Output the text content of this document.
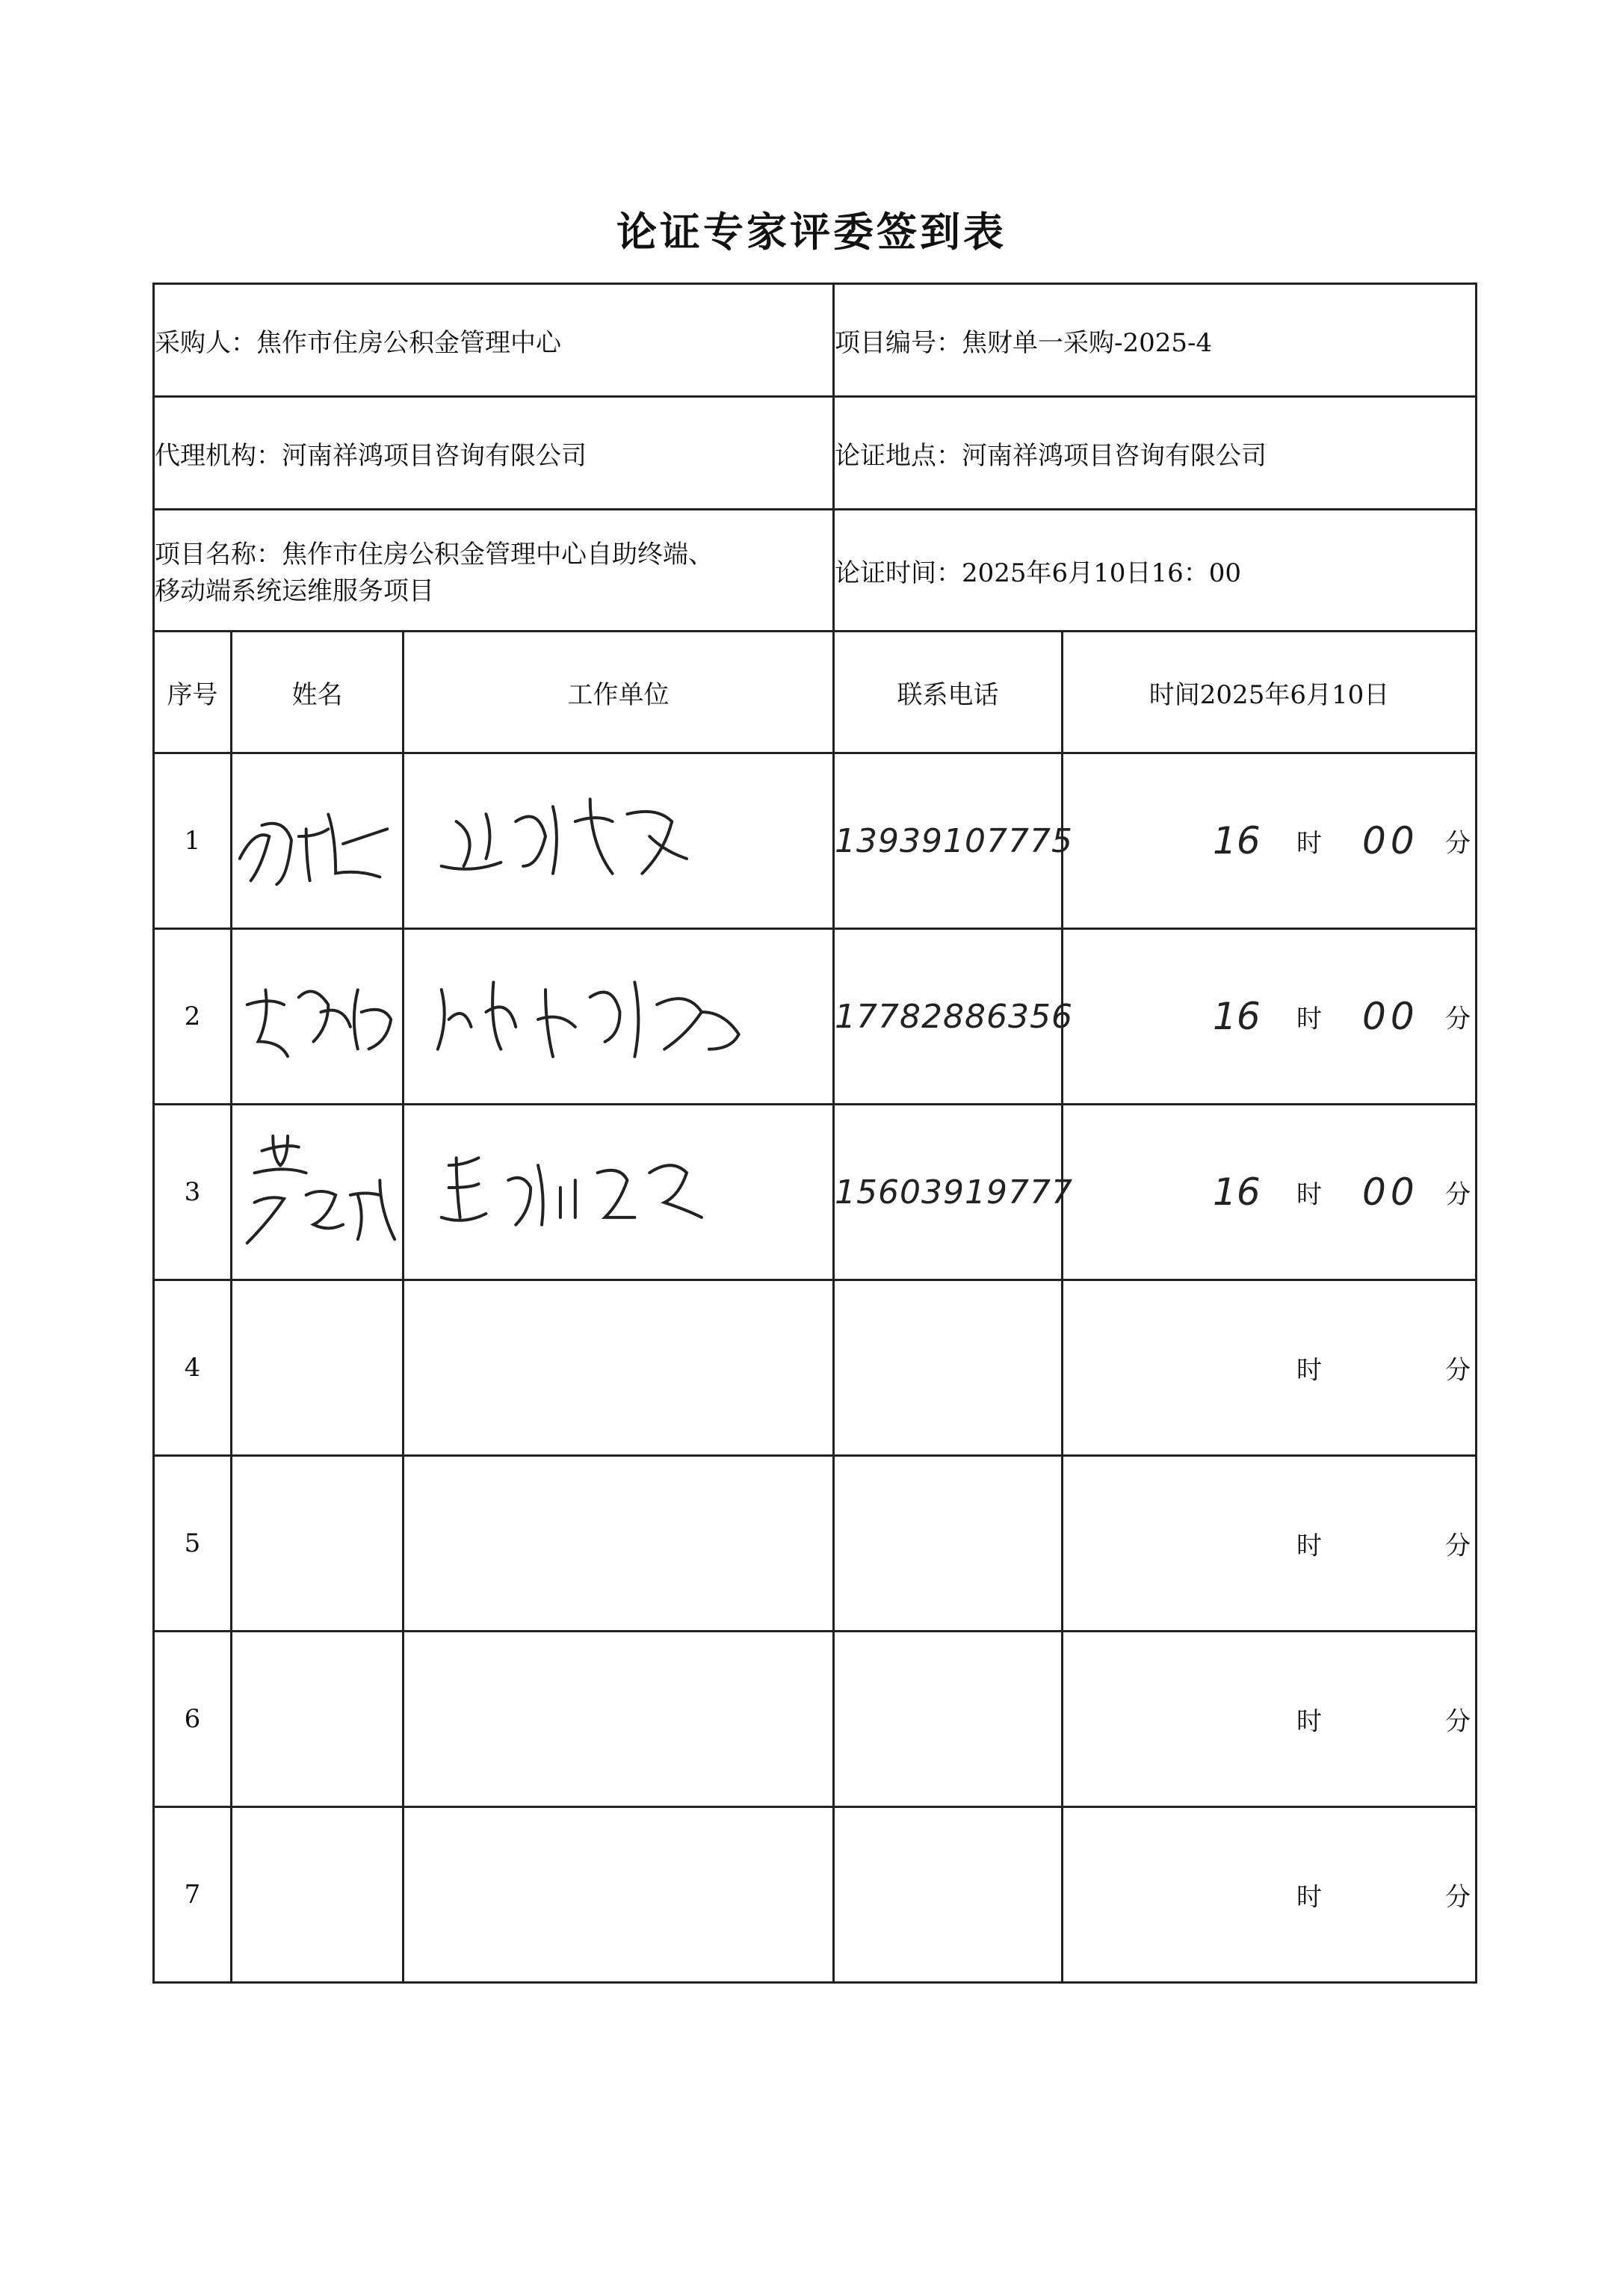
论证专家评委签到表
采购人：焦作市住房公积金管理中心			项目编号：焦财单一采购-2025-4	
代理机构：河南祥鸿项目咨询有限公司			论证地点：河南祥鸿项目咨询有限公司	
项目名称：焦作市住房公积金管理中心自助终端、
移动端系统运维服务项目			论证时间：2025年6月10日16：00	
序号	姓名	工作单位	联系电话	时间2025年6月10日
1			13939107775	16 时 00 分

2			17782886356	16 时 00 分

3			15603919777	16 时 00 分

4				时 分

5				时 分

6				时 分

7				时 分
